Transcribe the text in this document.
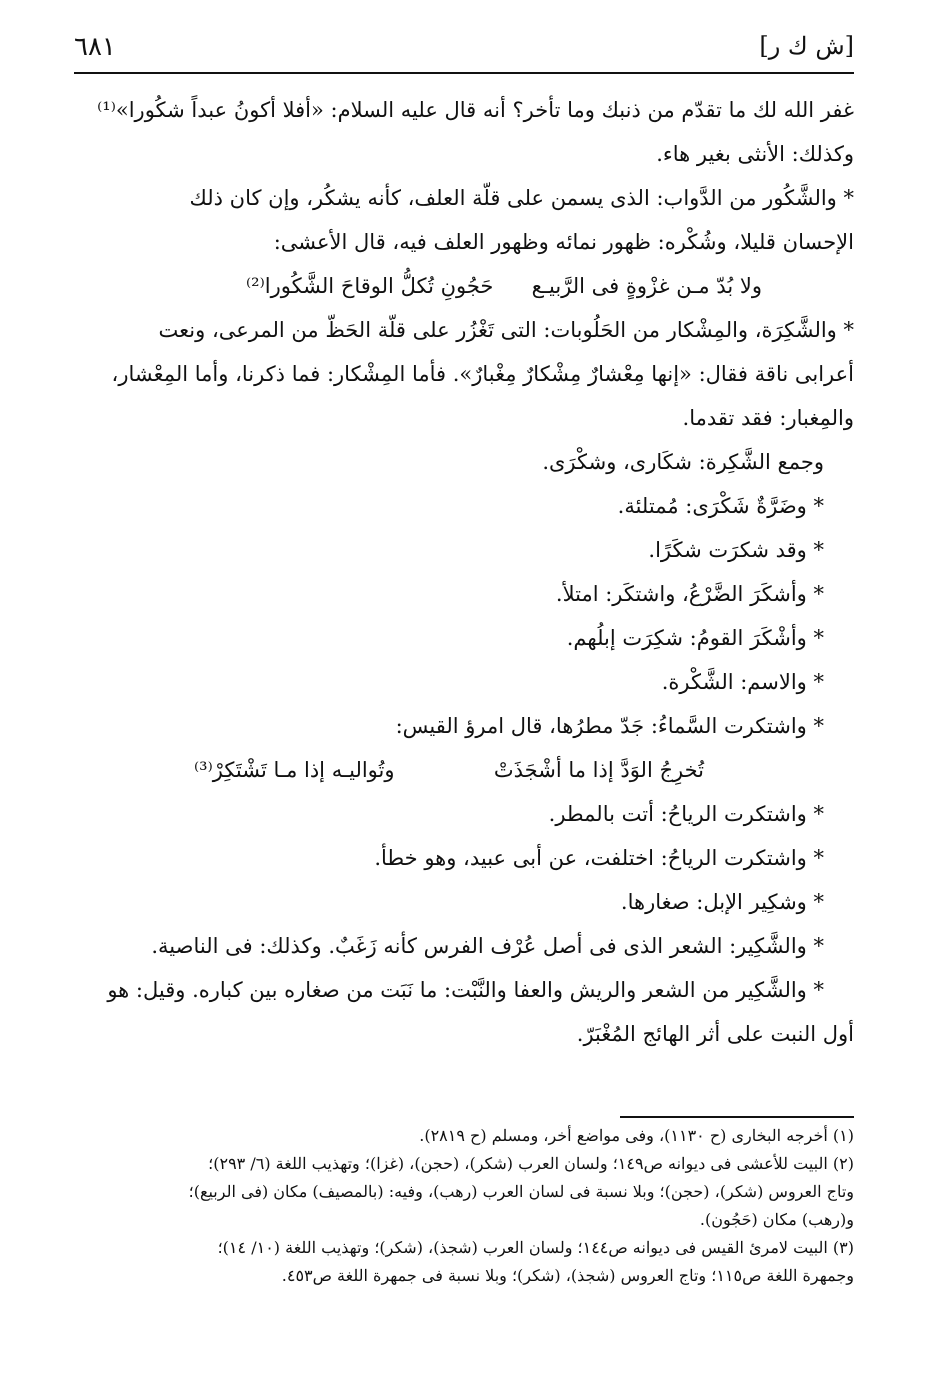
[ش ك ر]
٦٨١

غفر الله لك ما تقدّم من ذنبك وما تأخر؟ أنه قال عليه السلام: «أفلا أكونُ عبداً شكُورا»⁽¹⁾

وكذلك: الأنثى بغير هاء.

* والشَّكُور من الدَّواب: الذى يسمن على قلّة العلف، كأنه يشكُر، وإن كان ذلك

الإحسان قليلا، وشُكْره: ظهور نمائه وظهور العلف فيه، قال الأعشى:

ولا بُدّ مـن غزْوةٍ فى الرَّبيـع
حَجُونِ تُكلُّ الوقاحَ الشَّكُورا⁽²⁾

* والشَّكِرَة، والمِشْكار من الحَلُوبات: التى تَغْزُر على قلّة الحَظّ من المرعى، ونعت

أعرابى ناقة فقال: «إنها مِعْشارٌ مِشْكارٌ مِغْبارٌ». فأما المِشْكار: فما ذكرنا، وأما المِعْشار،

والمِغبار: فقد تقدما.

وجمع الشَّكِرة: شكَارى، وشكْرَى.

* وضَرَّةٌ شَكْرَى: مُمتلئة.

* وقد شكرَت شكَرًا.

* وأشكَرَ الضَّرْعُ، واشتكَر: امتلأ.

* وأشْكَرَ القومُ: شكِرَت إبلُهم.

* والاسم: الشَّكْرة.

* واشتكرت السَّماءُ: جَدّ مطرُها، قال امرؤ القيس:

تُخرِجُ الوَدَّ إذا ما أشْجَذَتْ
وتُواليـه إذا مـا تَشْتَكِرْ⁽³⁾

* واشتكرت الرياحُ: أتت بالمطر.

* واشتكرت الرياحُ: اختلفت، عن أبى عبيد، وهو خطأ.

* وشكِير الإبل: صغارها.

* والشَّكِير: الشعر الذى فى أصل عُرْف الفرس كأنه زَغَبٌ. وكذلك: فى الناصية.

* والشَّكِير من الشعر والريش والعفا والنَّبْت: ما نَبَت من صغاره بين كباره. وقيل: هو

أول النبت على أثر الهائج المُغْبَرّ.

(١) أخرجه البخارى (ح ١١٣٠)، وفى مواضع أخر، ومسلم (ح ٢٨١٩).

(٢) البيت للأعشى فى ديوانه ص١٤٩؛ ولسان العرب (شكر)، (حجن)، (غزا)؛ وتهذيب اللغة (٦/ ٢٩٣)؛

وتاج العروس (شكر)، (حجن)؛ وبلا نسبة فى لسان العرب (رهب)، وفيه: (بالمصيف) مكان (فى الربيع)؛

و(رهب) مكان (حَجُون).

(٣) البيت لامرئ القيس فى ديوانه ص١٤٤؛ ولسان العرب (شجذ)، (شكر)؛ وتهذيب اللغة (١٠/ ١٤)؛

وجمهرة اللغة ص١١٥؛ وتاج العروس (شجذ)، (شكر)؛ وبلا نسبة فى جمهرة اللغة ص٤٥٣.
